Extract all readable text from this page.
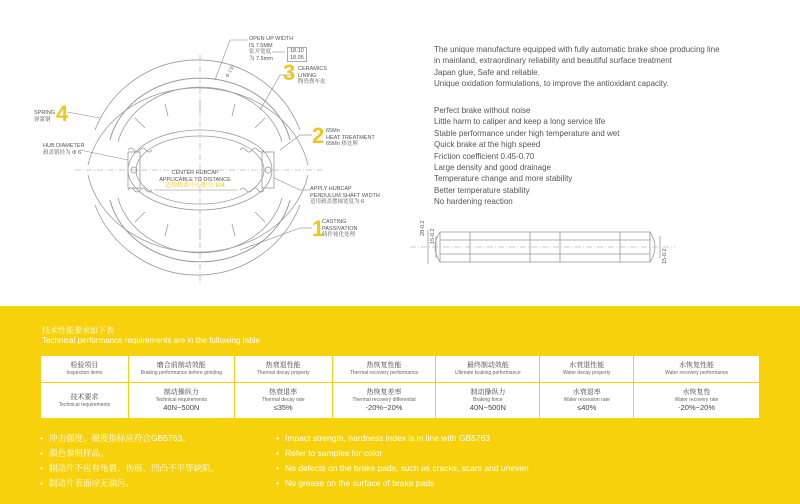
Φ 130
OPEN UP WIDTH
IS 7.5MM
张开宽度
为 7.5mm
18.10
18.05
3 CERAMICS
LINING
陶瓷刹车皮
4
SPRING
弹簧钢
2 65Mn
HEAT TREATMENT
65Mn 热处理
HUB DIAMETER
毂盖销经为 Φ 6
CENTER HUBCAP
APPLICABLE TO DISTANCE
适用毂盖中心距为 104	APPLY HUBCAP
PENDULUM SHAFT WIDTH
适用毂盖摆轴宽度为 6
1
CASTING
PASSIVATION
铸件钝化处理

The unique manufacture equipped with fully automatic brake shoe producing line

in mainland, extraordinary reliability and beautiful surface treatment

Japan glue, Safe and reliable.

Unique oxidation formulations, to improve the antioxidant capacity.

Perfect brake without noise

Little harm to caliper and keep a long service life

Stable performance under high temperature and wet

Quick brake at the high speed

Friction coefficient 0.45-0.70

Large density and good drainage

Temperature change and more stability

Better temperature stability

No hardening reaction

28-0.2
15-0.2
15-0.2
技术性能要求如下表
Technical performance requirements are in the following table
检验项目
Inspection items	磨合前制动效能
Braking performance before grinding	热衰退性能
Thermal decay property	热恢复性能
Thermal recovery performance	最终制动效能
Ultimate braking performance	水衰退性能
Water decay property	水恢复性能
Water recovery performance

技术要求
Technical requirements	制动操纵力
Technical requirements
40N~500N	热衰退率
Thermal decay rate
≤35%	热恢复差率
Thermal recovery differential
-20%~20%	制动操纵力
Braking force
40N~500N	水衰退率
Water recession rate
≤40%	水恢复性
Water recovery rate
-20%~20%
• 冲击强度、硬度指标应符合GB5763。
• 颜色参照样品。
• 制动片不应有龟裂、伤痕、凹凸不平等缺陷。
• 制动片表面应无油污。
• Impact strength, hardness index is in line with GB5763
• Refer to samples for color
• No defects on the brake pads, such as cracks, scars and uneven
• No grease on the surface of brake pads
